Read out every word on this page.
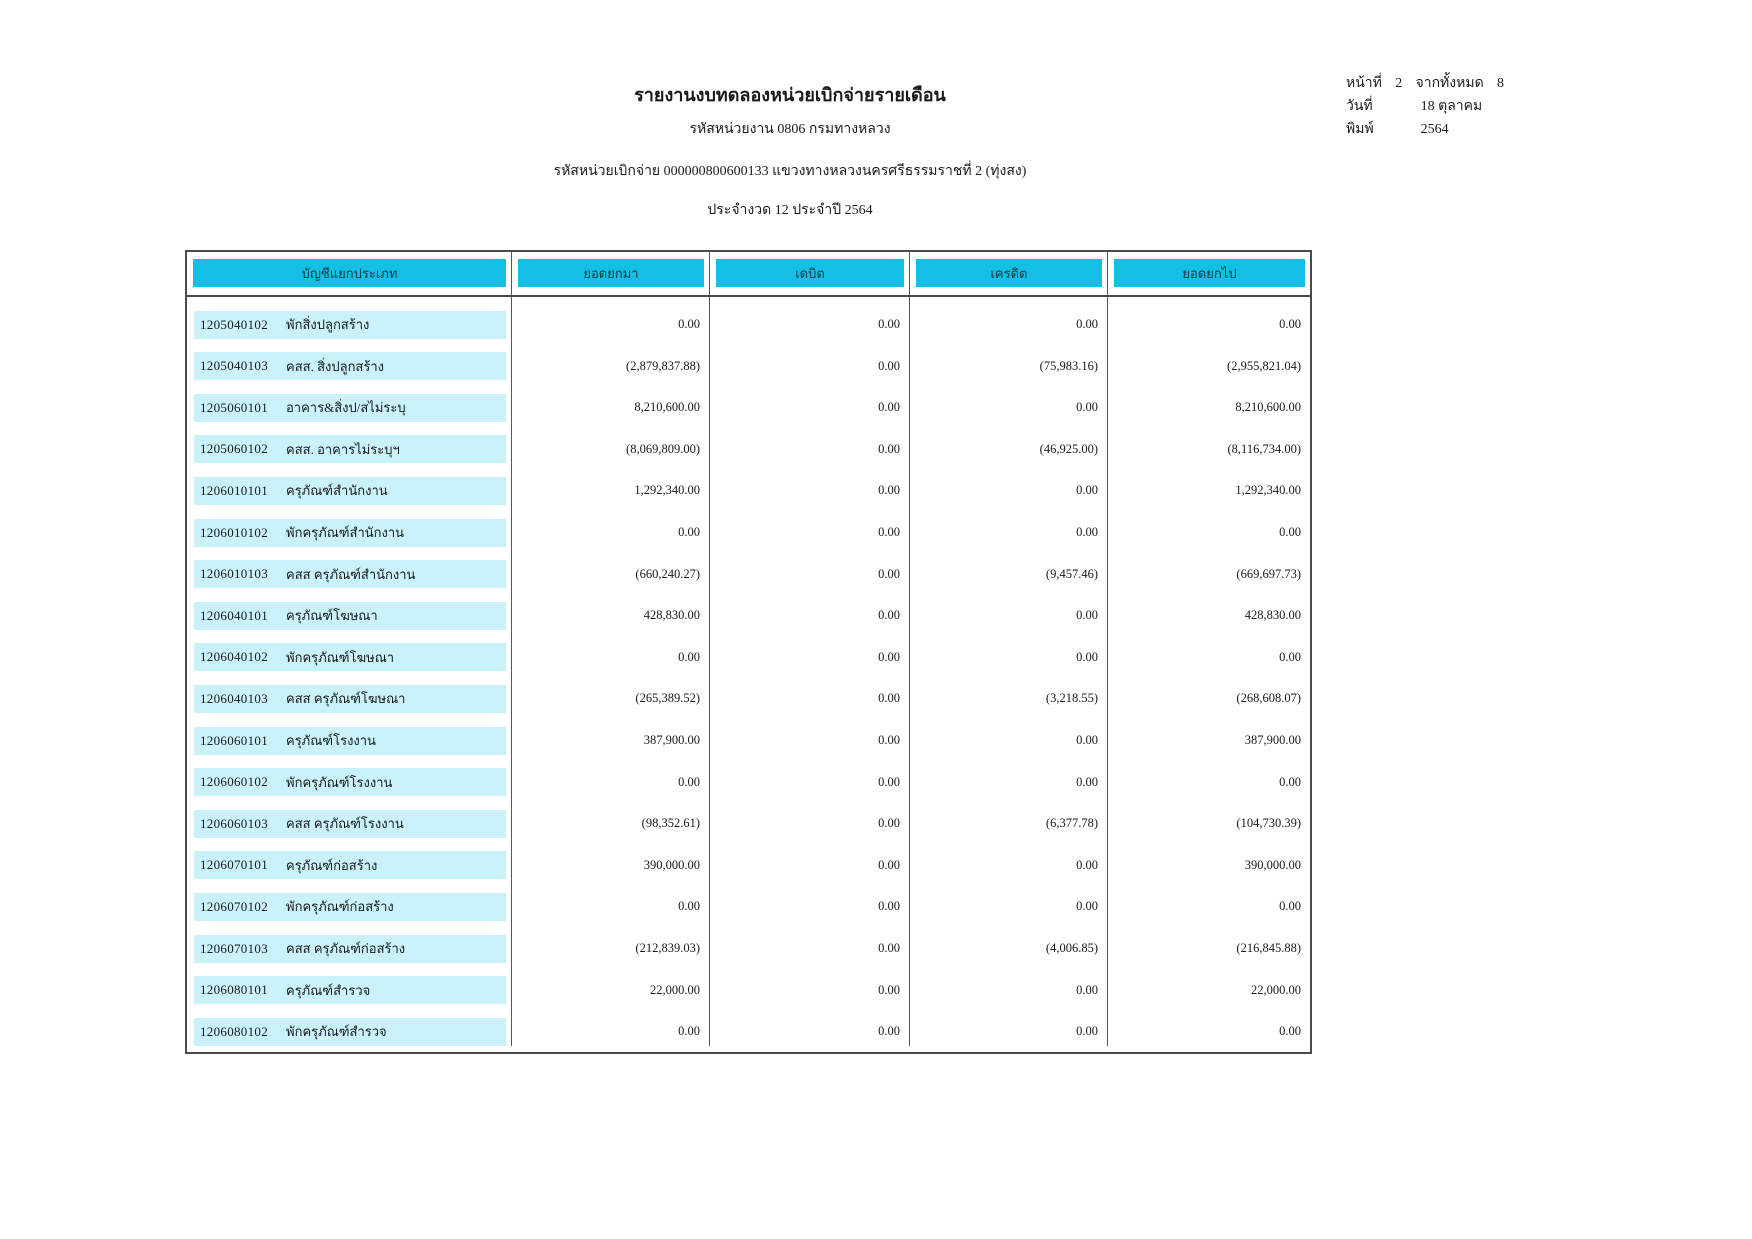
หน้าที่ 2 จากทั้งหมด 8
วันที่พิมพ์
18 ตุลาคม 2564
รายงานงบทดลองหน่วยเบิกจ่ายรายเดือน
รหัสหน่วยงาน 0806 กรมทางหลวง
รหัสหน่วยเบิกจ่าย 000000800600133 แขวงทางหลวงนครศรีธรรมราชที่ 2 (ทุ่งสง)
ประจำงวด 12 ประจำปี 2564
บัญชีแยกประเภท	ยอดยกมา	เดบิต	เครดิต	ยอดยกไป
1205040102	พักสิ่งปลูกสร้าง	0.00	0.00	0.00	0.00
1205040103	คสส. สิ่งปลูกสร้าง	(2,879,837.88)	0.00	(75,983.16)	(2,955,821.04)
1205060101	อาคาร&สิ่งป/สไม่ระบุ	8,210,600.00	0.00	0.00	8,210,600.00
1205060102	คสส. อาคารไม่ระบุฯ	(8,069,809.00)	0.00	(46,925.00)	(8,116,734.00)
1206010101	ครุภัณฑ์สำนักงาน	1,292,340.00	0.00	0.00	1,292,340.00
1206010102	พักครุภัณฑ์สำนักงาน	0.00	0.00	0.00	0.00
1206010103	คสส ครุภัณฑ์สำนักงาน	(660,240.27)	0.00	(9,457.46)	(669,697.73)
1206040101	ครุภัณฑ์โฆษณา	428,830.00	0.00	0.00	428,830.00
1206040102	พักครุภัณฑ์โฆษณา	0.00	0.00	0.00	0.00
1206040103	คสส ครุภัณฑ์โฆษณา	(265,389.52)	0.00	(3,218.55)	(268,608.07)
1206060101	ครุภัณฑ์โรงงาน	387,900.00	0.00	0.00	387,900.00
1206060102	พักครุภัณฑ์โรงงาน	0.00	0.00	0.00	0.00
1206060103	คสส ครุภัณฑ์โรงงาน	(98,352.61)	0.00	(6,377.78)	(104,730.39)
1206070101	ครุภัณฑ์ก่อสร้าง	390,000.00	0.00	0.00	390,000.00
1206070102	พักครุภัณฑ์ก่อสร้าง	0.00	0.00	0.00	0.00
1206070103	คสส ครุภัณฑ์ก่อสร้าง	(212,839.03)	0.00	(4,006.85)	(216,845.88)
1206080101	ครุภัณฑ์สำรวจ	22,000.00	0.00	0.00	22,000.00
1206080102	พักครุภัณฑ์สำรวจ	0.00	0.00	0.00	0.00
